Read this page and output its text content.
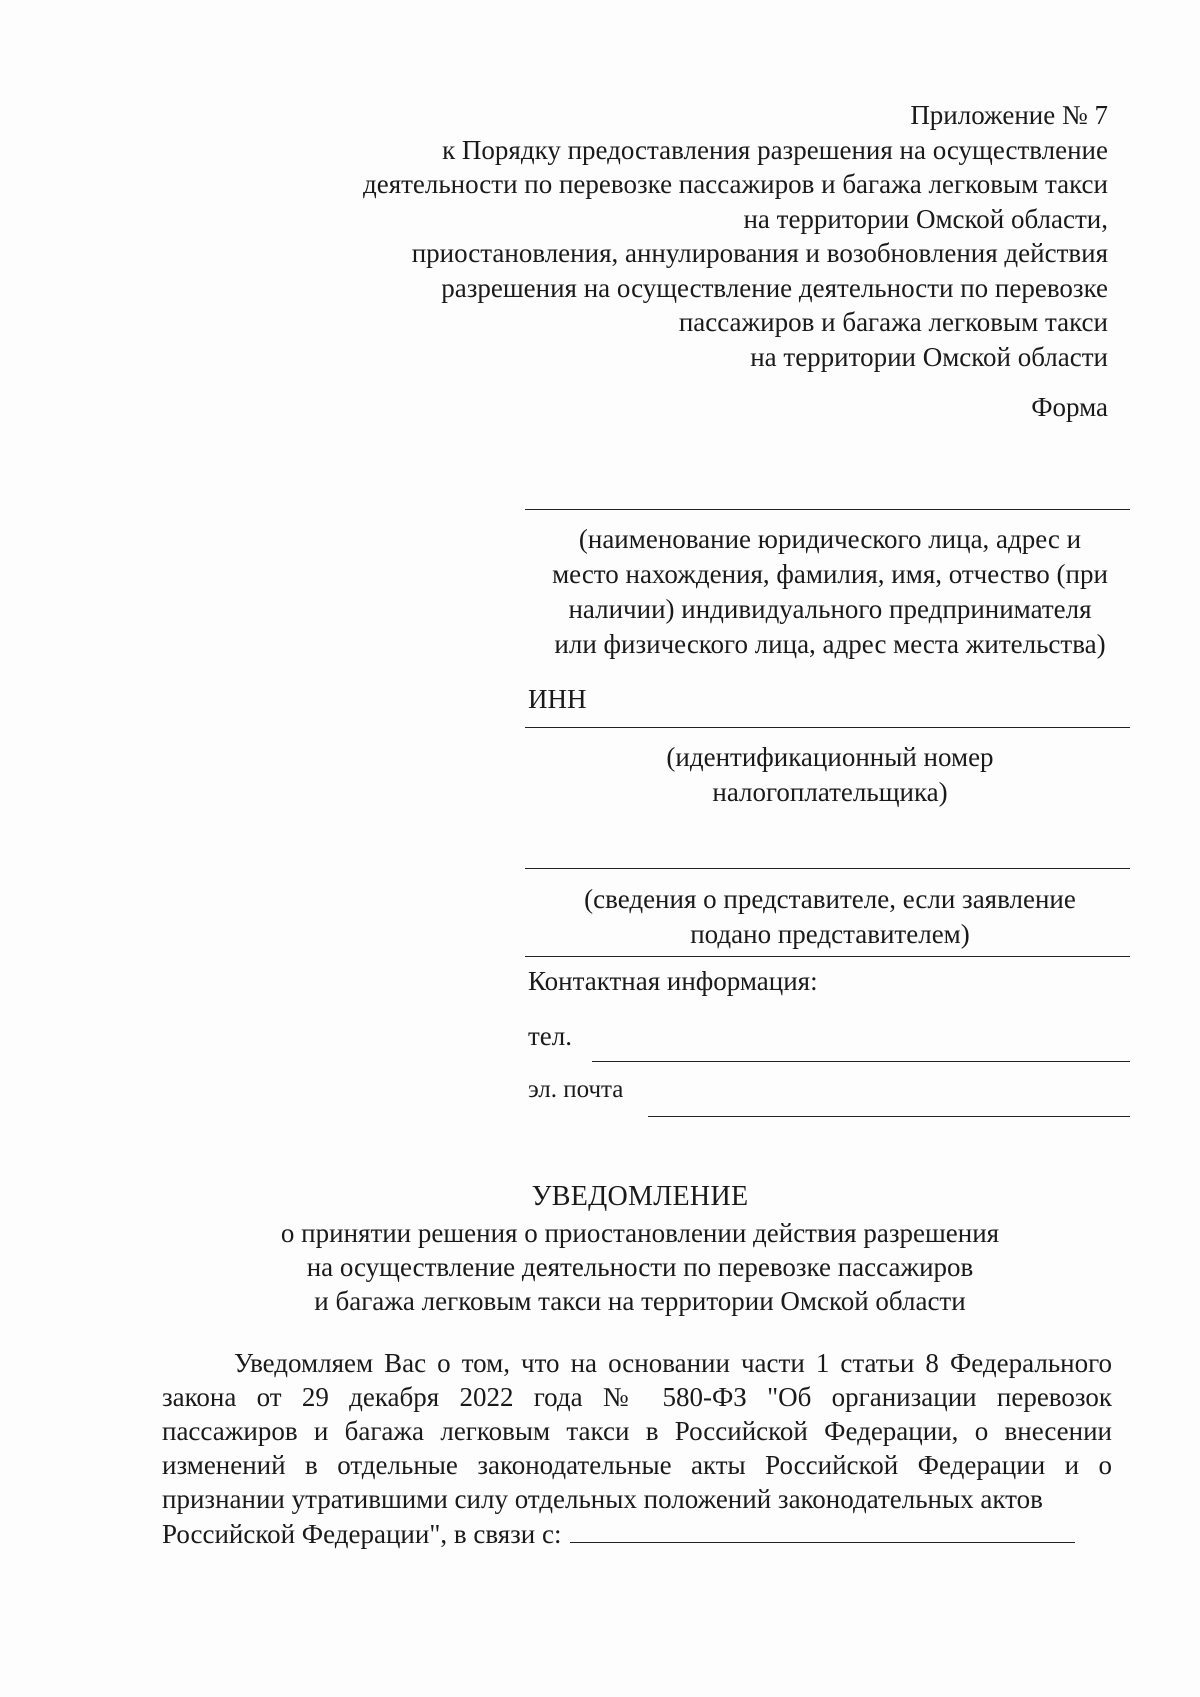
Приложение № 7
к Порядку предоставления разрешения на осуществление
деятельности по перевозке пассажиров и багажа легковым такси
на территории Омской области,
приостановления, аннулирования и возобновления действия
разрешения на осуществление деятельности по перевозке
пассажиров и багажа легковым такси
на территории Омской области
Форма
(наименование юридического лица, адрес и
место нахождения, фамилия, имя, отчество (при
наличии) индивидуального предпринимателя
или физического лица, адрес места жительства)
ИНН
(идентификационный номер
налогоплательщика)
(сведения о представителе, если заявление
подано представителем)
Контактная информация:
тел.
эл. почта
УВЕДОМЛЕНИЕ
о принятии решения о приостановлении действия разрешения
на осуществление деятельности по перевозке пассажиров
и багажа легковым такси на территории Омской области
Уведомляем Вас о том, что на основании части 1 статьи 8 Федерального
закона от 29 декабря 2022 года № 580-ФЗ "Об организации перевозок
пассажиров и багажа легковым такси в Российской Федерации, о внесении
изменений в отдельные законодательные акты Российской Федерации и о
признании утратившими силу отдельных положений законодательных актов
Российской Федерации", в связи с:
